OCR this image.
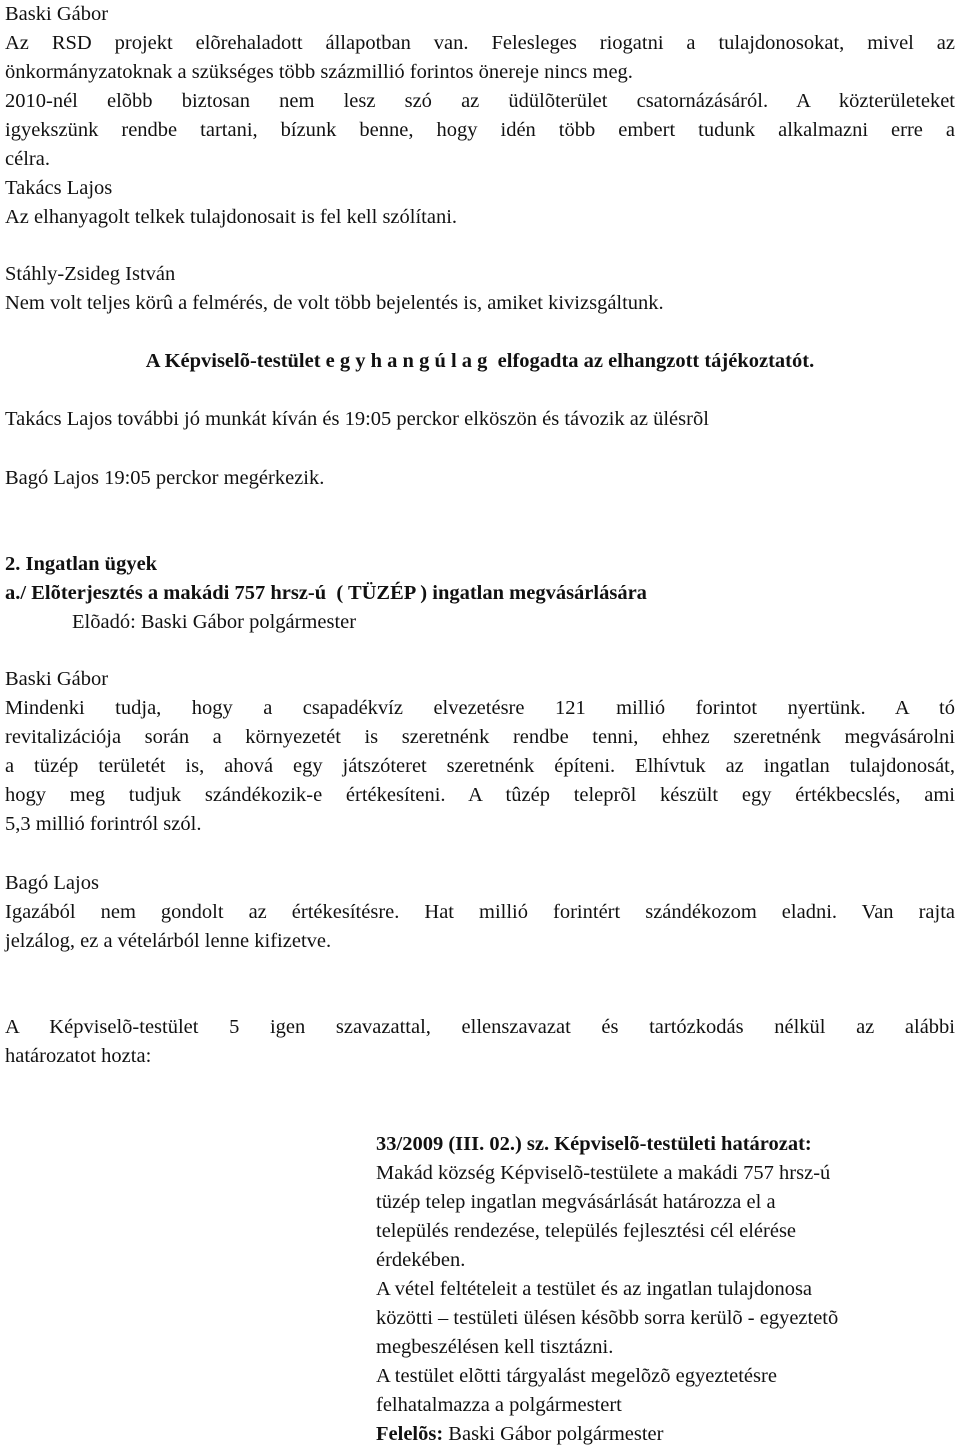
Baski Gábor
Az RSD projekt elõrehaladott állapotban van. Felesleges riogatni a tulajdonosokat, mivel az
önkormányzatoknak a szükséges több százmillió forintos önereje nincs meg.
2010-nél elõbb biztosan nem lesz szó az üdülõterület csatornázásáról. A közterületeket
igyekszünk rendbe tartani, bízunk benne, hogy idén több embert tudunk alkalmazni erre a
célra.
Takács Lajos
Az elhanyagolt telkek tulajdonosait is fel kell szólítani.
Stáhly-Zsideg István
Nem volt teljes körû a felmérés, de volt több bejelentés is, amiket kivizsgáltunk.
A Képviselõ-testület e g y h a n g ú l a g  elfogadta az elhangzott tájékoztatót.
Takács Lajos további jó munkát kíván és 19:05 perckor elköszön és távozik az ülésrõl
Bagó Lajos 19:05 perckor megérkezik.
2. Ingatlan ügyek
a./ Elõterjesztés a makádi 757 hrsz-ú  ( TÜZÉP ) ingatlan megvásárlására
Elõadó: Baski Gábor polgármester
Baski Gábor
Mindenki tudja, hogy a csapadékvíz elvezetésre 121 millió forintot nyertünk. A tó
revitalizációja során a környezetét is szeretnénk rendbe tenni, ehhez szeretnénk megvásárolni
a tüzép területét is, ahová egy játszóteret szeretnénk építeni. Elhívtuk az ingatlan tulajdonosát,
hogy meg tudjuk szándékozik-e értékesíteni. A tûzép teleprõl készült egy értékbecslés, ami
5,3 millió forintról szól.
Bagó Lajos
Igazából nem gondolt az értékesítésre. Hat millió forintért szándékozom eladni. Van rajta
jelzálog, ez a vételárból lenne kifizetve.
A Képviselõ-testület 5 igen szavazattal, ellenszavazat és tartózkodás nélkül az alábbi
határozatot hozta:
33/2009 (III. 02.) sz. Képviselõ-testületi határozat:
Makád község Képviselõ-testülete a makádi 757 hrsz-ú
tüzép telep ingatlan megvásárlását határozza el a
település rendezése, település fejlesztési cél elérése
érdekében.
A vétel feltételeit a testület és az ingatlan tulajdonosa
közötti – testületi ülésen késõbb sorra kerülõ - egyeztetõ
megbeszélésen kell tisztázni.
A testület elõtti tárgyalást megelõzõ egyeztetésre
felhatalmazza a polgármestert
Felelõs: Baski Gábor polgármester
